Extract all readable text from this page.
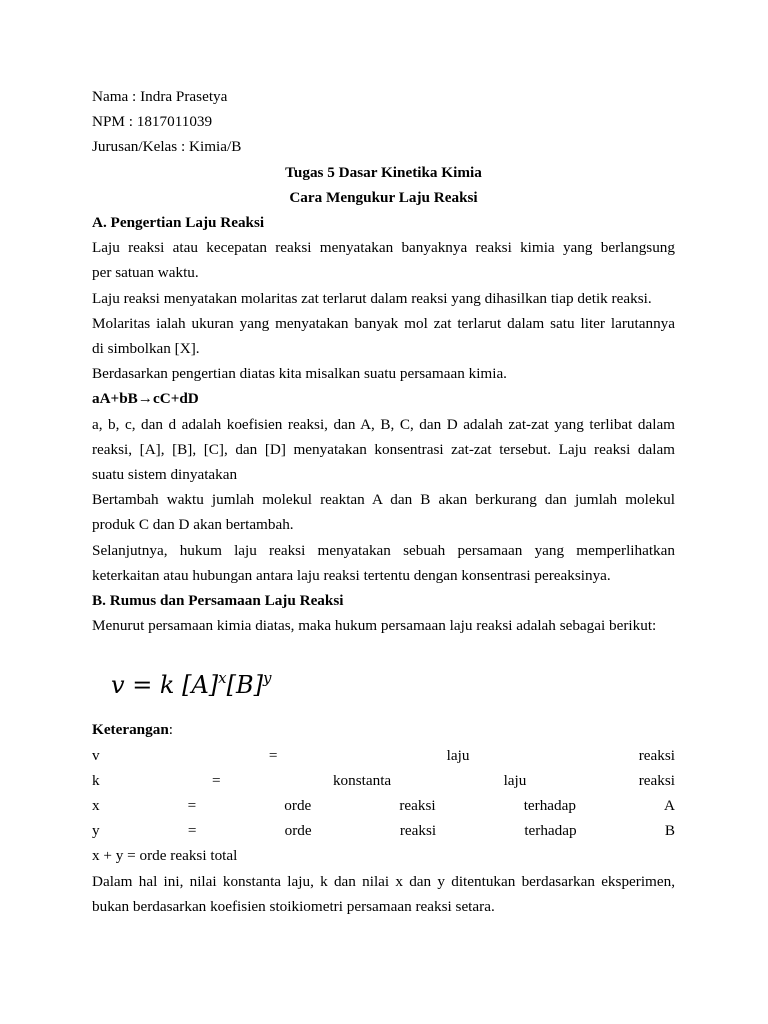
Nama : Indra Prasetya
NPM : 1817011039
Jurusan/Kelas : Kimia/B
Tugas 5 Dasar Kinetika Kimia
Cara Mengukur Laju Reaksi
A. Pengertian Laju Reaksi
Laju reaksi atau kecepatan reaksi menyatakan banyaknya reaksi kimia yang berlangsung
per satuan waktu.
Laju reaksi menyatakan molaritas zat terlarut dalam reaksi yang dihasilkan tiap detik reaksi.
Molaritas ialah ukuran yang menyatakan banyak mol zat terlarut dalam satu liter larutannya
di simbolkan [X].
Berdasarkan pengertian diatas kita misalkan suatu persamaan kimia.
aA+bB→cC+dD
a, b, c, dan d adalah koefisien reaksi, dan A, B, C, dan D adalah zat-zat yang terlibat dalam
reaksi, [A], [B], [C], dan [D] menyatakan konsentrasi zat-zat tersebut. Laju reaksi dalam
suatu sistem dinyatakan
Bertambah waktu jumlah molekul reaktan A dan B akan berkurang dan jumlah molekul
produk C dan D akan bertambah.
Selanjutnya, hukum laju reaksi menyatakan sebuah persamaan yang memperlihatkan
keterkaitan atau hubungan antara laju reaksi tertentu dengan konsentrasi pereaksinya.
B. Rumus dan Persamaan Laju Reaksi
Menurut persamaan kimia diatas, maka hukum persamaan laju reaksi adalah sebagai berikut:
v = k $[A]^x[B]^y$
Keterangan:
v	=	laju	reaksi
k	=	konstanta	laju	reaksi
x	=	orde	reaksi	terhadap	A
y	=	orde	reaksi	terhadap	B
x + y = orde reaksi total
Dalam hal ini, nilai konstanta laju, k dan nilai x dan y ditentukan berdasarkan eksperimen,
bukan berdasarkan koefisien stoikiometri persamaan reaksi setara.
